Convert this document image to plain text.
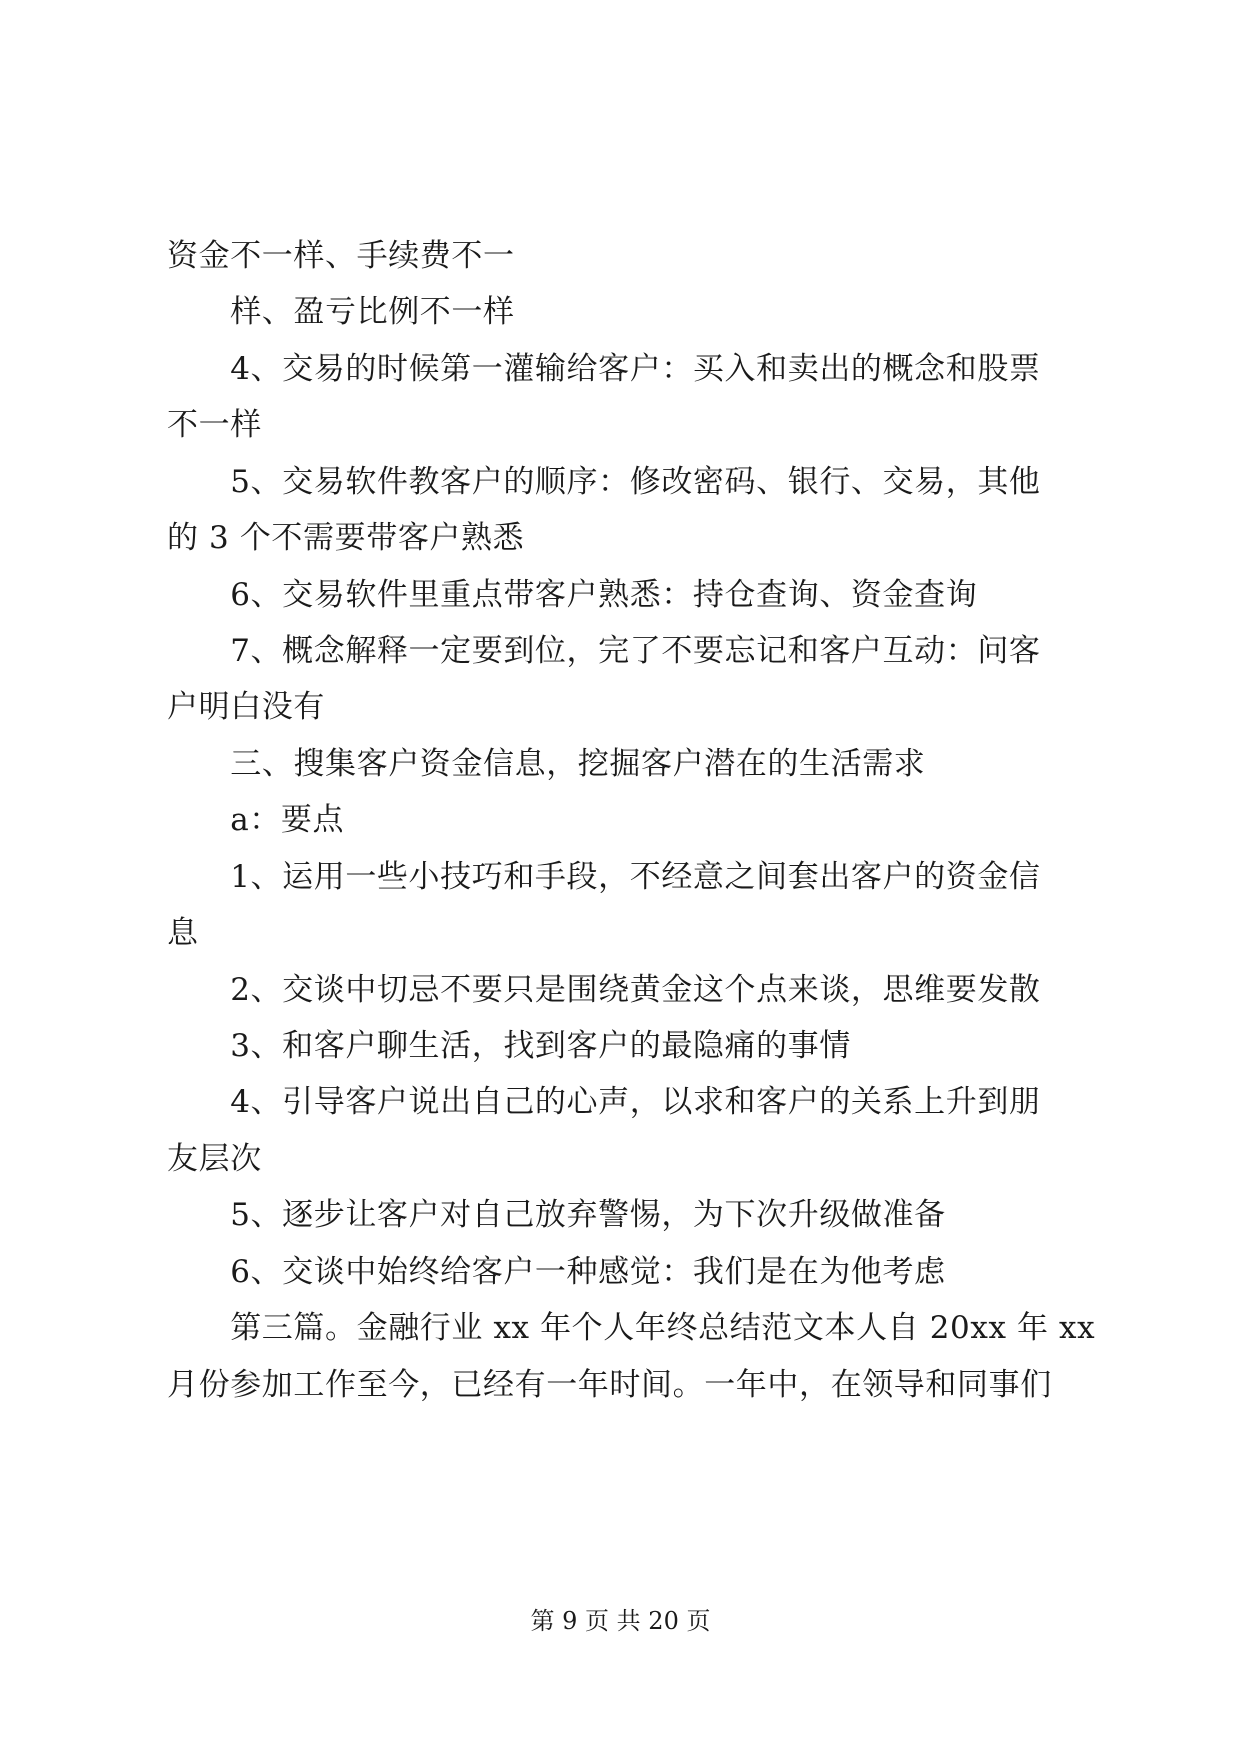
资金不一样、手续费不一
　　样、盈亏比例不一样
　　4、交易的时候第一灌输给客户：买入和卖出的概念和股票
不一样
　　5、交易软件教客户的顺序：修改密码、银行、交易，其他
的 3 个不需要带客户熟悉
　　6、交易软件里重点带客户熟悉：持仓查询、资金查询
　　7、概念解释一定要到位，完了不要忘记和客户互动：问客
户明白没有
　　三、搜集客户资金信息，挖掘客户潜在的生活需求
　　a：要点
　　1、运用一些小技巧和手段，不经意之间套出客户的资金信
息
　　2、交谈中切忌不要只是围绕黄金这个点来谈，思维要发散
　　3、和客户聊生活，找到客户的最隐痛的事情
　　4、引导客户说出自己的心声，以求和客户的关系上升到朋
友层次
　　5、逐步让客户对自己放弃警惕，为下次升级做准备
　　6、交谈中始终给客户一种感觉：我们是在为他考虑
　　第三篇。金融行业 xx 年个人年终总结范文本人自 20xx 年 xx
月份参加工作至今，已经有一年时间。一年中，在领导和同事们
第 9 页 共 20 页
